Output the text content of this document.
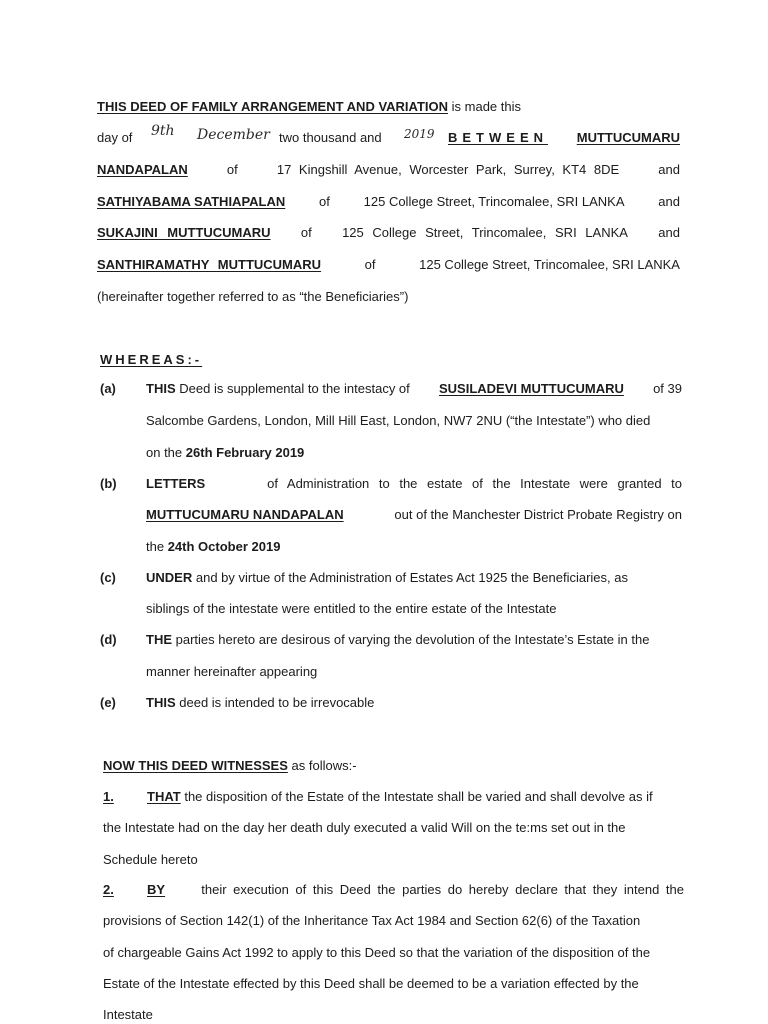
THIS DEED OF FAMILY ARRANGEMENT AND VARIATION is made this
day of 9th December two thousand and 2019 BETWEEN MUTTUCUMARU
NANDAPALAN	of	17 Kingshill Avenue, Worcester Park, Surrey, KT4 8DE	and
SATHIYABAMA SATHIAPALAN	of	125 College Street, Trincomalee, SRI LANKA	and
SUKAJINI MUTTUCUMARU of 125 College Street, Trincomalee, SRI LANKA and
SANTHIRAMATHY MUTTUCUMARU	of	125 College Street, Trincomalee, SRI LANKA
(hereinafter together referred to as “the Beneficiaries”)
WHEREAS:-
(a) THIS Deed is supplemental to the intestacy of SUSILADEVI MUTTUCUMARU of 39
Salcombe Gardens, London, Mill Hill East, London, NW7 2NU (“the Intestate”) who died
on the 26th February 2019
(b) LETTERS	of Administration to the estate of the Intestate were granted to
MUTTUCUMARU NANDAPALAN	out of the Manchester District Probate Registry on
the 24th October 2019
(c) UNDER and by virtue of the Administration of Estates Act 1925 the Beneficiaries, as
siblings of the intestate were entitled to the entire estate of the Intestate
(d) THE parties hereto are desirous of varying the devolution of the Intestate’s Estate in the
manner hereinafter appearing
(e) THIS deed is intended to be irrevocable
NOW THIS DEED WITNESSES as follows:-
1.	THAT the disposition of the Estate of the Intestate shall be varied and shall devolve as if
the Intestate had on the day her death duly executed a valid Will on the te:ms set out in the
Schedule hereto
2.	BY	their execution of this Deed the parties do hereby declare that they intend the
provisions of Section 142(1) of the Inheritance Tax Act 1984 and Section 62(6) of the Taxation
of chargeable Gains Act 1992 to apply to this Deed so that the variation of the disposition of the
Estate of the Intestate effected by this Deed shall be deemed to be a variation effected by the
Intestate
